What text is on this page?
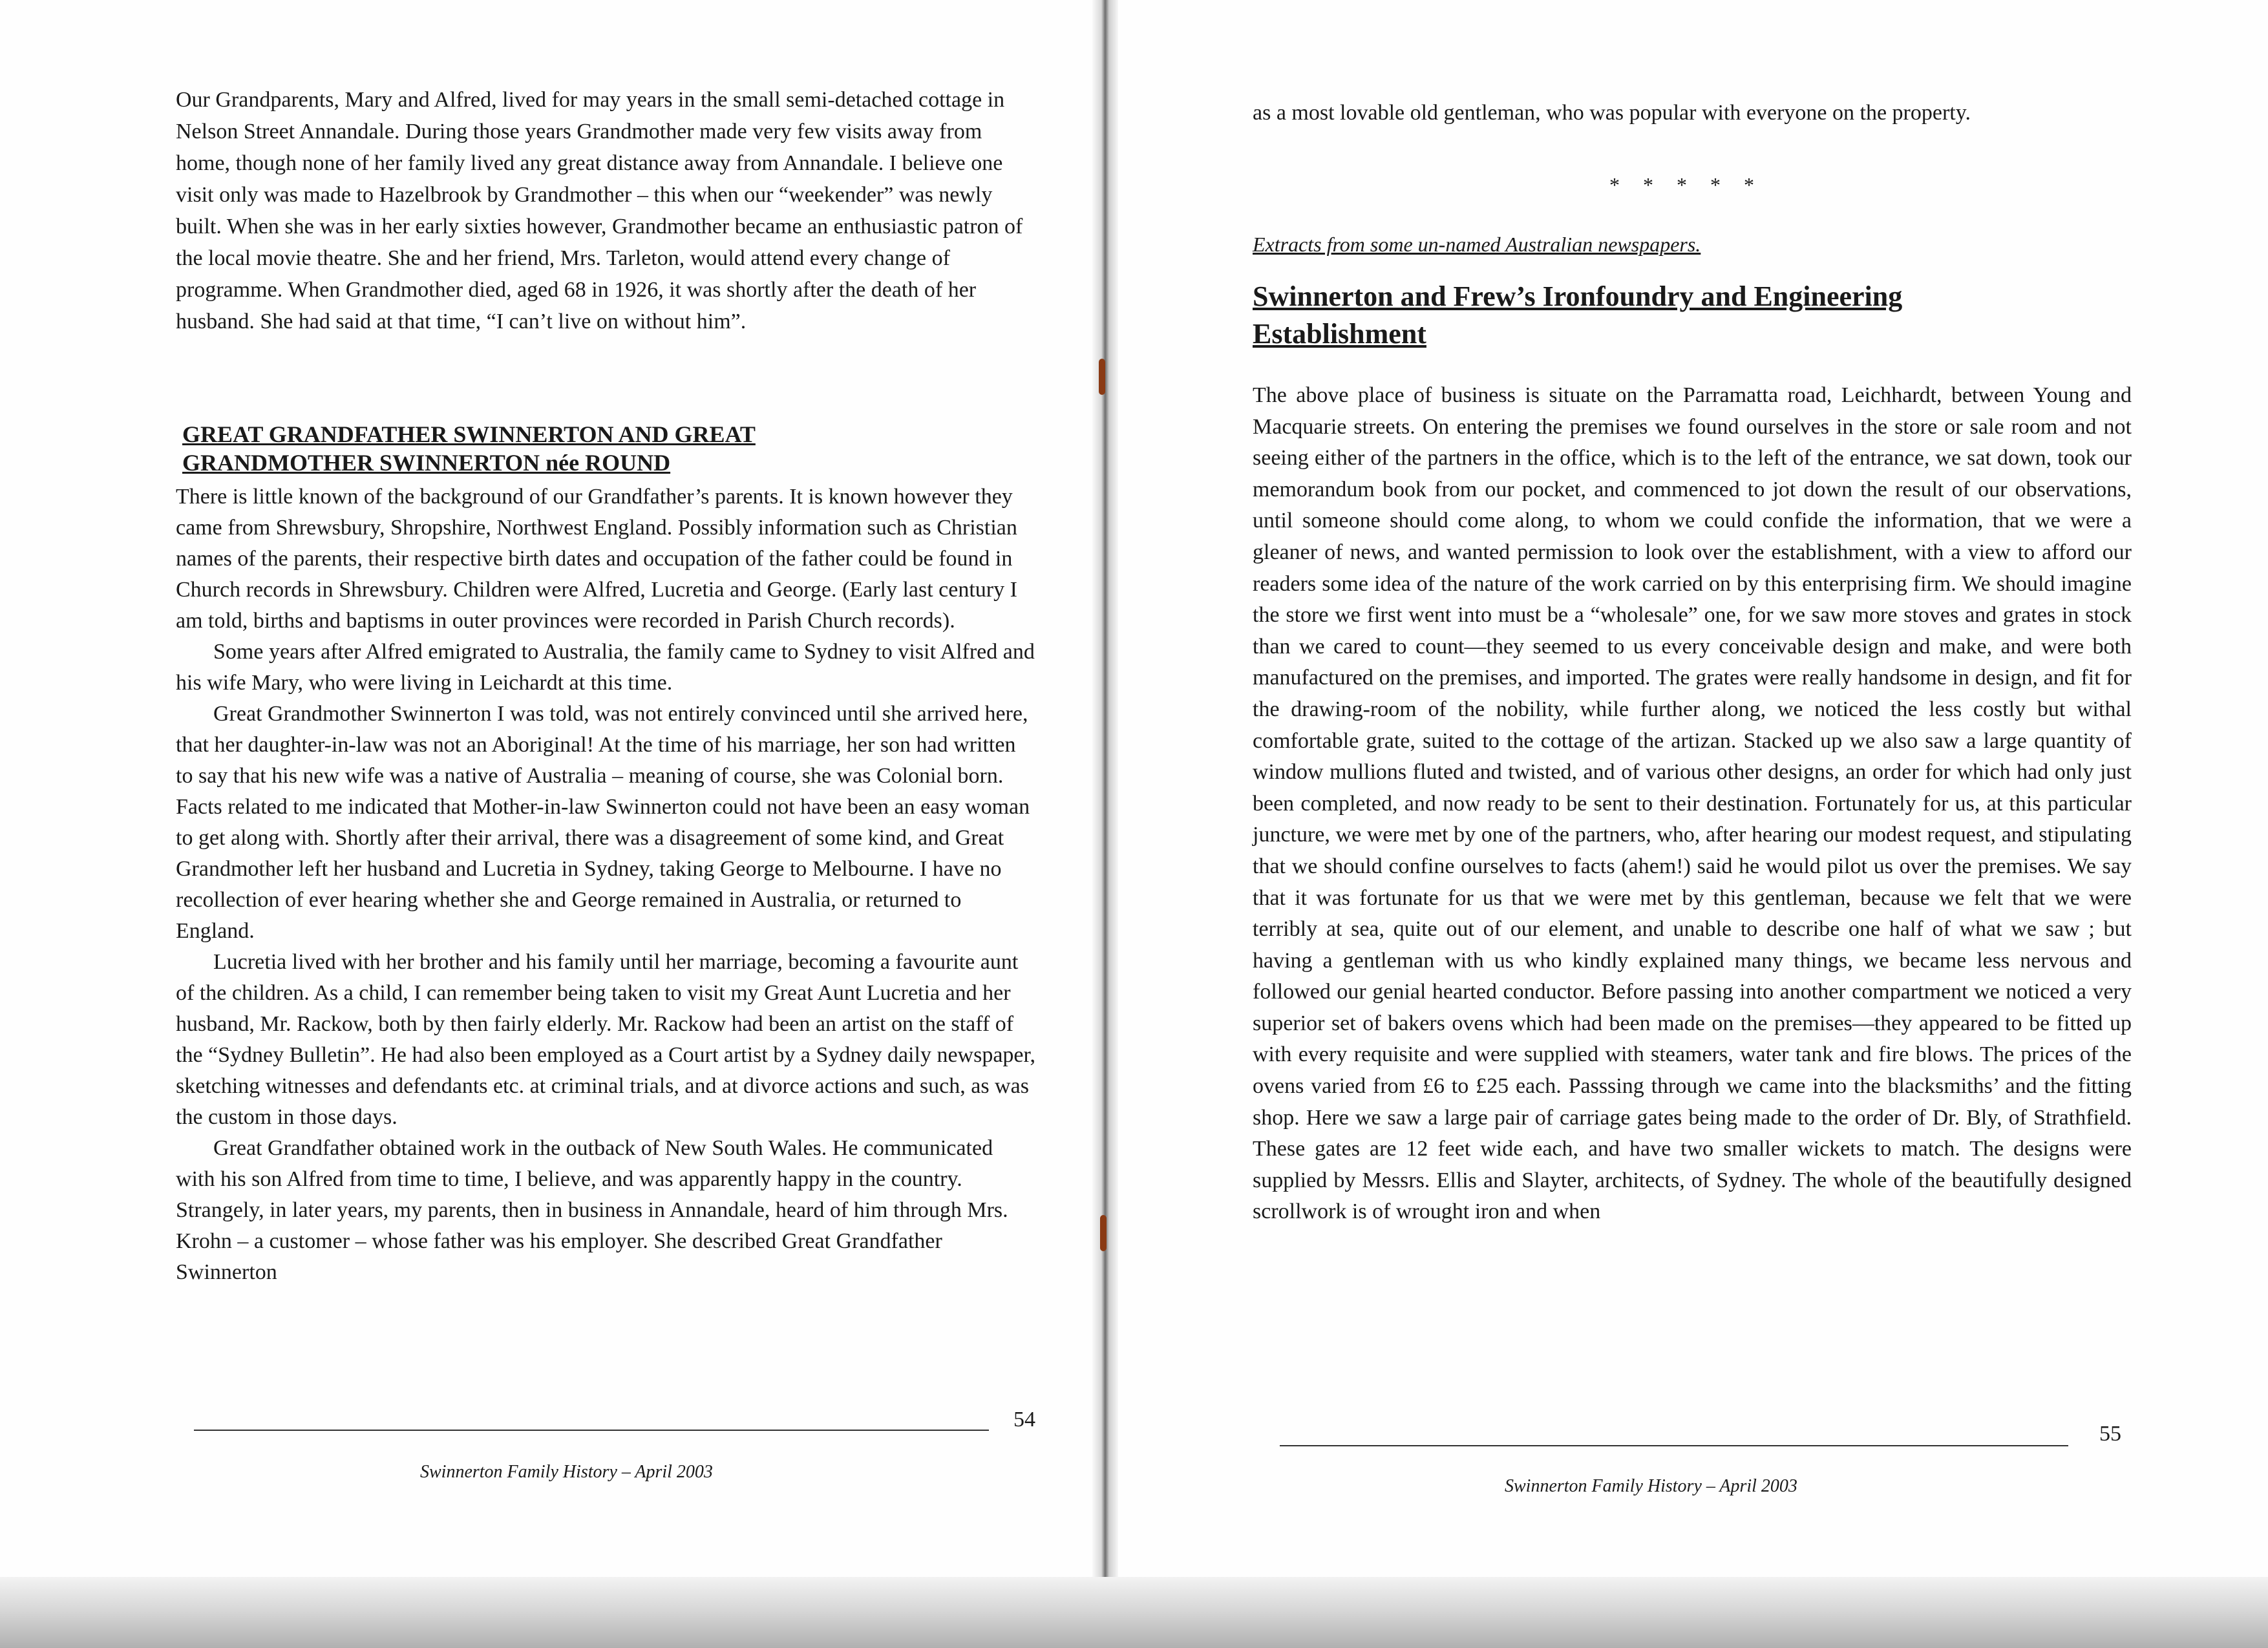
Our Grandparents, Mary and Alfred, lived for may years in the small semi-detached cottage in Nelson Street Annandale. During those years Grandmother made very few visits away from home, though none of her family lived any great distance away from Annandale. I believe one visit only was made to Hazelbrook by Grandmother – this when our “weekender” was newly built. When she was in her early sixties however, Grandmother became an enthusiastic patron of the local movie theatre. She and her friend, Mrs. Tarleton, would attend every change of programme. When Grandmother died, aged 68 in 1926, it was shortly after the death of her husband. She had said at that time, “I can’t live on without him”.

GREAT GRANDFATHER SWINNERTON AND GREAT GRANDMOTHER SWINNERTON née ROUND

There is little known of the background of our Grandfather’s parents. It is known however they came from Shrewsbury, Shropshire, Northwest England. Possibly information such as Christian names of the parents, their respective birth dates and occupation of the father could be found in Church records in Shrewsbury. Children were Alfred, Lucretia and George. (Early last century I am told, births and baptisms in outer provinces were recorded in Parish Church records).

Some years after Alfred emigrated to Australia, the family came to Sydney to visit Alfred and his wife Mary, who were living in Leichardt at this time.

Great Grandmother Swinnerton I was told, was not entirely convinced until she arrived here, that her daughter-in-law was not an Aboriginal! At the time of his marriage, her son had written to say that his new wife was a native of Australia – meaning of course, she was Colonial born. Facts related to me indicated that Mother-in-law Swinnerton could not have been an easy woman to get along with. Shortly after their arrival, there was a disagreement of some kind, and Great Grandmother left her husband and Lucretia in Sydney, taking George to Melbourne. I have no recollection of ever hearing whether she and George remained in Australia, or returned to England.

Lucretia lived with her brother and his family until her marriage, becoming a favourite aunt of the children. As a child, I can remember being taken to visit my Great Aunt Lucretia and her husband, Mr. Rackow, both by then fairly elderly. Mr. Rackow had been an artist on the staff of the “Sydney Bulletin”. He had also been employed as a Court artist by a Sydney daily newspaper, sketching witnesses and defendants etc. at criminal trials, and at divorce actions and such, as was the custom in those days.

Great Grandfather obtained work in the outback of New South Wales. He communicated with his son Alfred from time to time, I believe, and was apparently happy in the country. Strangely, in later years, my parents, then in business in Annandale, heard of him through Mrs. Krohn – a customer – whose father was his employer. She described Great Grandfather Swinnerton

54
Swinnerton Family History – April 2003

as a most lovable old gentleman, who was popular with everyone on the property.

* * * * *
Extracts from some un-named Australian newspapers.
Swinnerton and Frew’s Ironfoundry and Engineering Establishment

The above place of business is situate on the Parramatta road, Leichhardt, between Young and Macquarie streets. On entering the premises we found ourselves in the store or sale room and not seeing either of the partners in the office, which is to the left of the entrance, we sat down, took our memorandum book from our pocket, and commenced to jot down the result of our observations, until someone should come along, to whom we could confide the information, that we were a gleaner of news, and wanted permission to look over the establishment, with a view to afford our readers some idea of the nature of the work carried on by this enterprising firm. We should imagine the store we first went into must be a “wholesale” one, for we saw more stoves and grates in stock than we cared to count—they seemed to us every conceivable design and make, and were both manufactured on the premises, and imported. The grates were really handsome in design, and fit for the drawing-room of the nobility, while further along, we noticed the less costly but withal comfortable grate, suited to the cottage of the artizan. Stacked up we also saw a large quantity of window mullions fluted and twisted, and of various other designs, an order for which had only just been completed, and now ready to be sent to their destination. Fortunately for us, at this particular juncture, we were met by one of the partners, who, after hearing our modest request, and stipulating that we should confine ourselves to facts (ahem!) said he would pilot us over the premises. We say that it was fortunate for us that we were met by this gentleman, because we felt that we were terribly at sea, quite out of our element, and unable to describe one half of what we saw ; but having a gentleman with us who kindly explained many things, we became less nervous and followed our genial hearted conductor. Before passing into another compartment we noticed a very superior set of bakers ovens which had been made on the premises—they appeared to be fitted up with every requisite and were supplied with steamers, water tank and fire blows. The prices of the ovens varied from £6 to £25 each. Passsing through we came into the blacksmiths’ and the fitting shop. Here we saw a large pair of carriage gates being made to the order of Dr. Bly, of Strathfield. These gates are 12 feet wide each, and have two smaller wickets to match. The designs were supplied by Messrs. Ellis and Slayter, architects, of Sydney. The whole of the beautifully designed scrollwork is of wrought iron and when

55
Swinnerton Family History – April 2003
